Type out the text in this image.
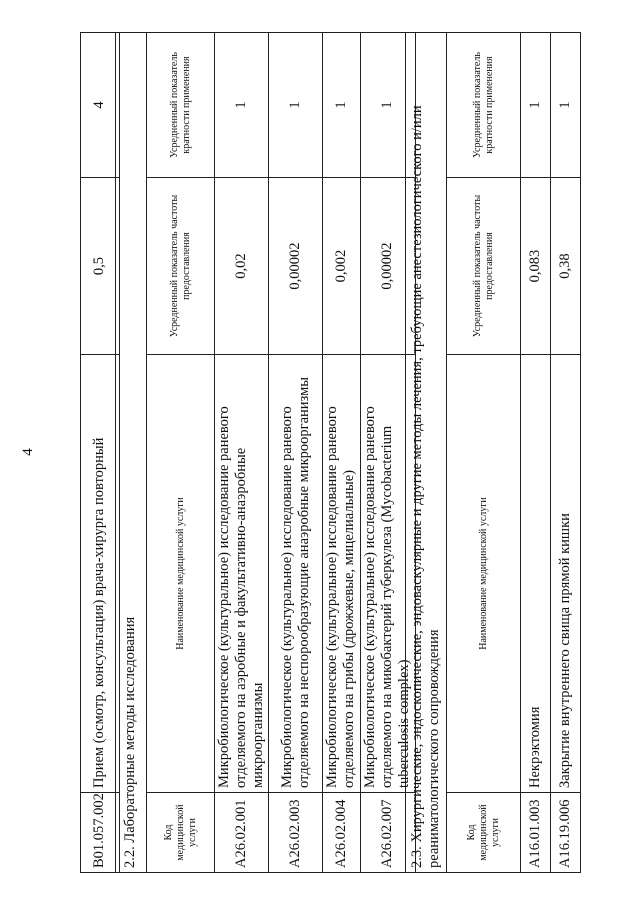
4
B01.057.002	Прием (осмотр, консультация) врача-хирурга повторный	0,5	4
2.2. Лабораторные методы исследования			
Код медицинской услуги	Наименование медицинской услуги	Усредненный показатель частоты предоставления	Усредненный показатель кратности применения
A26.02.001	Микробиологическое (культуральное) исследование раневого отделяемого на аэробные и факультативно-анаэробные микроорганизмы	0,02	1
A26.02.003	Микробиологическое (культуральное) исследование раневого отделяемого на неспорообразующие анаэробные микроорганизмы	0,00002	1
A26.02.004	Микробиологическое (культуральное) исследование раневого отделяемого на грибы (дрожжевые, мицелиальные)	0,002	1
A26.02.007	Микробиологическое (культуральное) исследование раневого отделяемого на микобактерий туберкулеза (Mycobacterium tuberculosis complex)	0,00002	1
2.3. Хирургические, эндоскопические, эндоваскулярные и другие методы лечения, требующие анестезиологического и/или реаниматологического сопровождения			
Код медицинской услуги	Наименование медицинской услуги	Усредненный показатель частоты предоставления	Усредненный показатель кратности применения
A16.01.003	Некрэктомия	0,083	1
A16.19.006	Закрытие внутреннего свища прямой кишки	0,38	1
